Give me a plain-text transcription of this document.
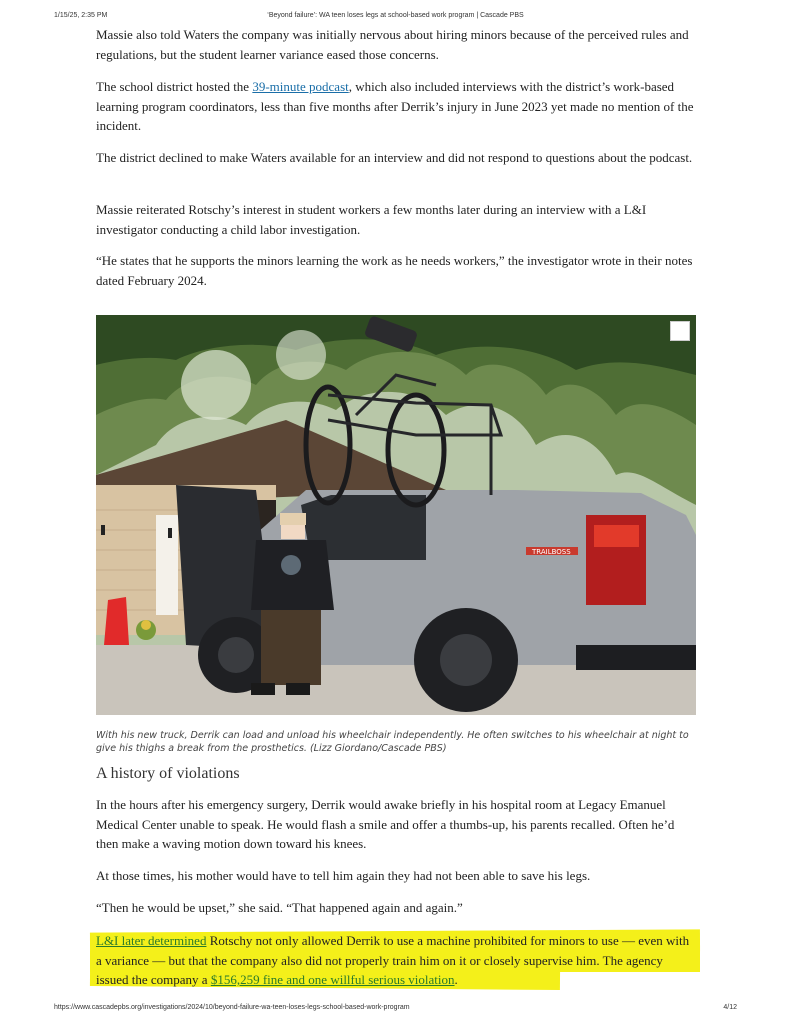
1/15/25, 2:35 PM	‘Beyond failure’: WA teen loses legs at school-based work program | Cascade PBS

Massie also told Waters the company was initially nervous about hiring minors because of the perceived rules and regulations, but the student learner variance eased those concerns.

The school district hosted the 39-minute podcast, which also included interviews with the district’s work-based learning program coordinators, less than five months after Derrik’s injury in June 2023 yet made no mention of the incident.

The district declined to make Waters available for an interview and did not respond to questions about the podcast.

Massie reiterated Rotschy’s interest in student workers a few months later during an interview with a L&I investigator conducting a child labor investigation.

“He states that he supports the minors learning the work as he needs workers,” the investigator wrote in their notes dated February 2024.

TRAILBOSS

With his new truck, Derrik can load and unload his wheelchair independently. He often switches to his wheelchair at night to give his thighs a break from the prosthetics. (Lizz Giordano/Cascade PBS)

A history of violations

In the hours after his emergency surgery, Derrik would awake briefly in his hospital room at Legacy Emanuel Medical Center unable to speak. He would flash a smile and offer a thumbs-up, his parents recalled. Often he’d then make a waving motion down toward his knees.

At those times, his mother would have to tell him again they had not been able to save his legs.

“Then he would be upset,” she said. “That happened again and again.”

L&I later determined Rotschy not only allowed Derrik to use a machine prohibited for minors to use — even with a variance — but that the company also did not properly train him on it or closely supervise him. The agency issued the company a $156,259 fine and one willful serious violation.

https://www.cascadepbs.org/investigations/2024/10/beyond-failure-wa-teen-loses-legs-school-based-work-program	4/12
